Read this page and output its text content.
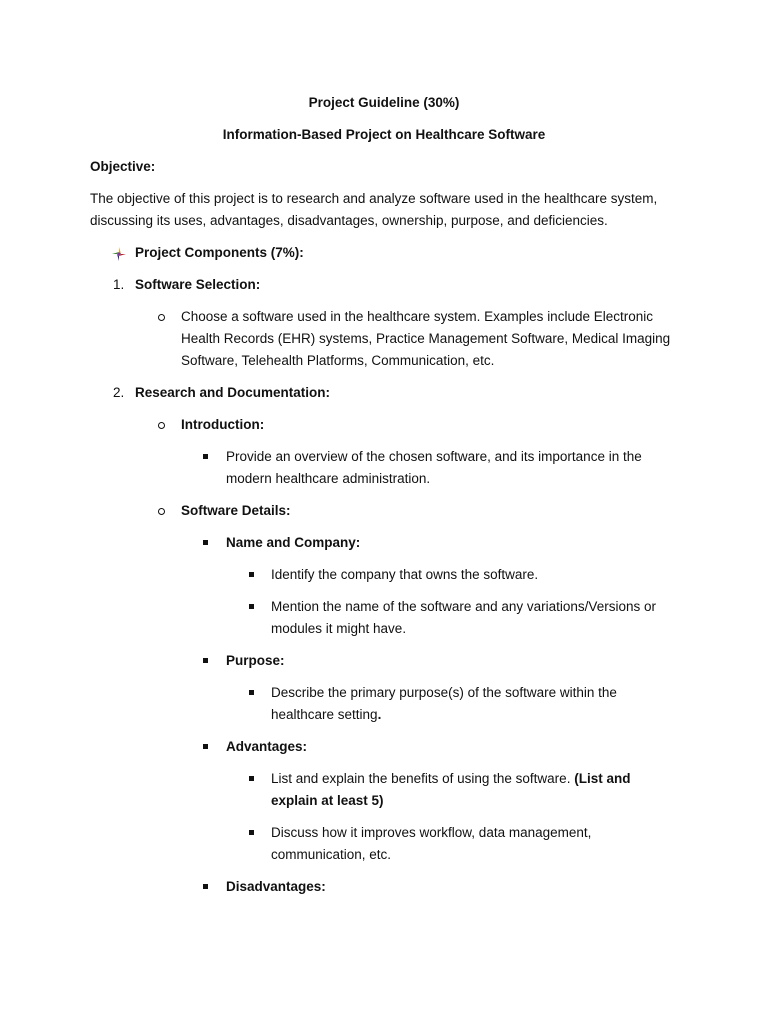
Project Guideline (30%)
Information-Based Project on Healthcare Software
Objective:
The objective of this project is to research and analyze software used in the healthcare system,
discussing its uses, advantages, disadvantages, ownership, purpose, and deficiencies.
Project Components (7%):
1. Software Selection:
Choose a software used in the healthcare system. Examples include Electronic
Health Records (EHR) systems, Practice Management Software, Medical Imaging
Software, Telehealth Platforms, Communication, etc.
2. Research and Documentation:
Introduction:
Provide an overview of the chosen software, and its importance in the
modern healthcare administration.
Software Details:
Name and Company:
Identify the company that owns the software.
Mention the name of the software and any variations/Versions or
modules it might have.
Purpose:
Describe the primary purpose(s) of the software within the
healthcare setting.
Advantages:
List and explain the benefits of using the software. (List and
explain at least 5)
Discuss how it improves workflow, data management,
communication, etc.
Disadvantages:
